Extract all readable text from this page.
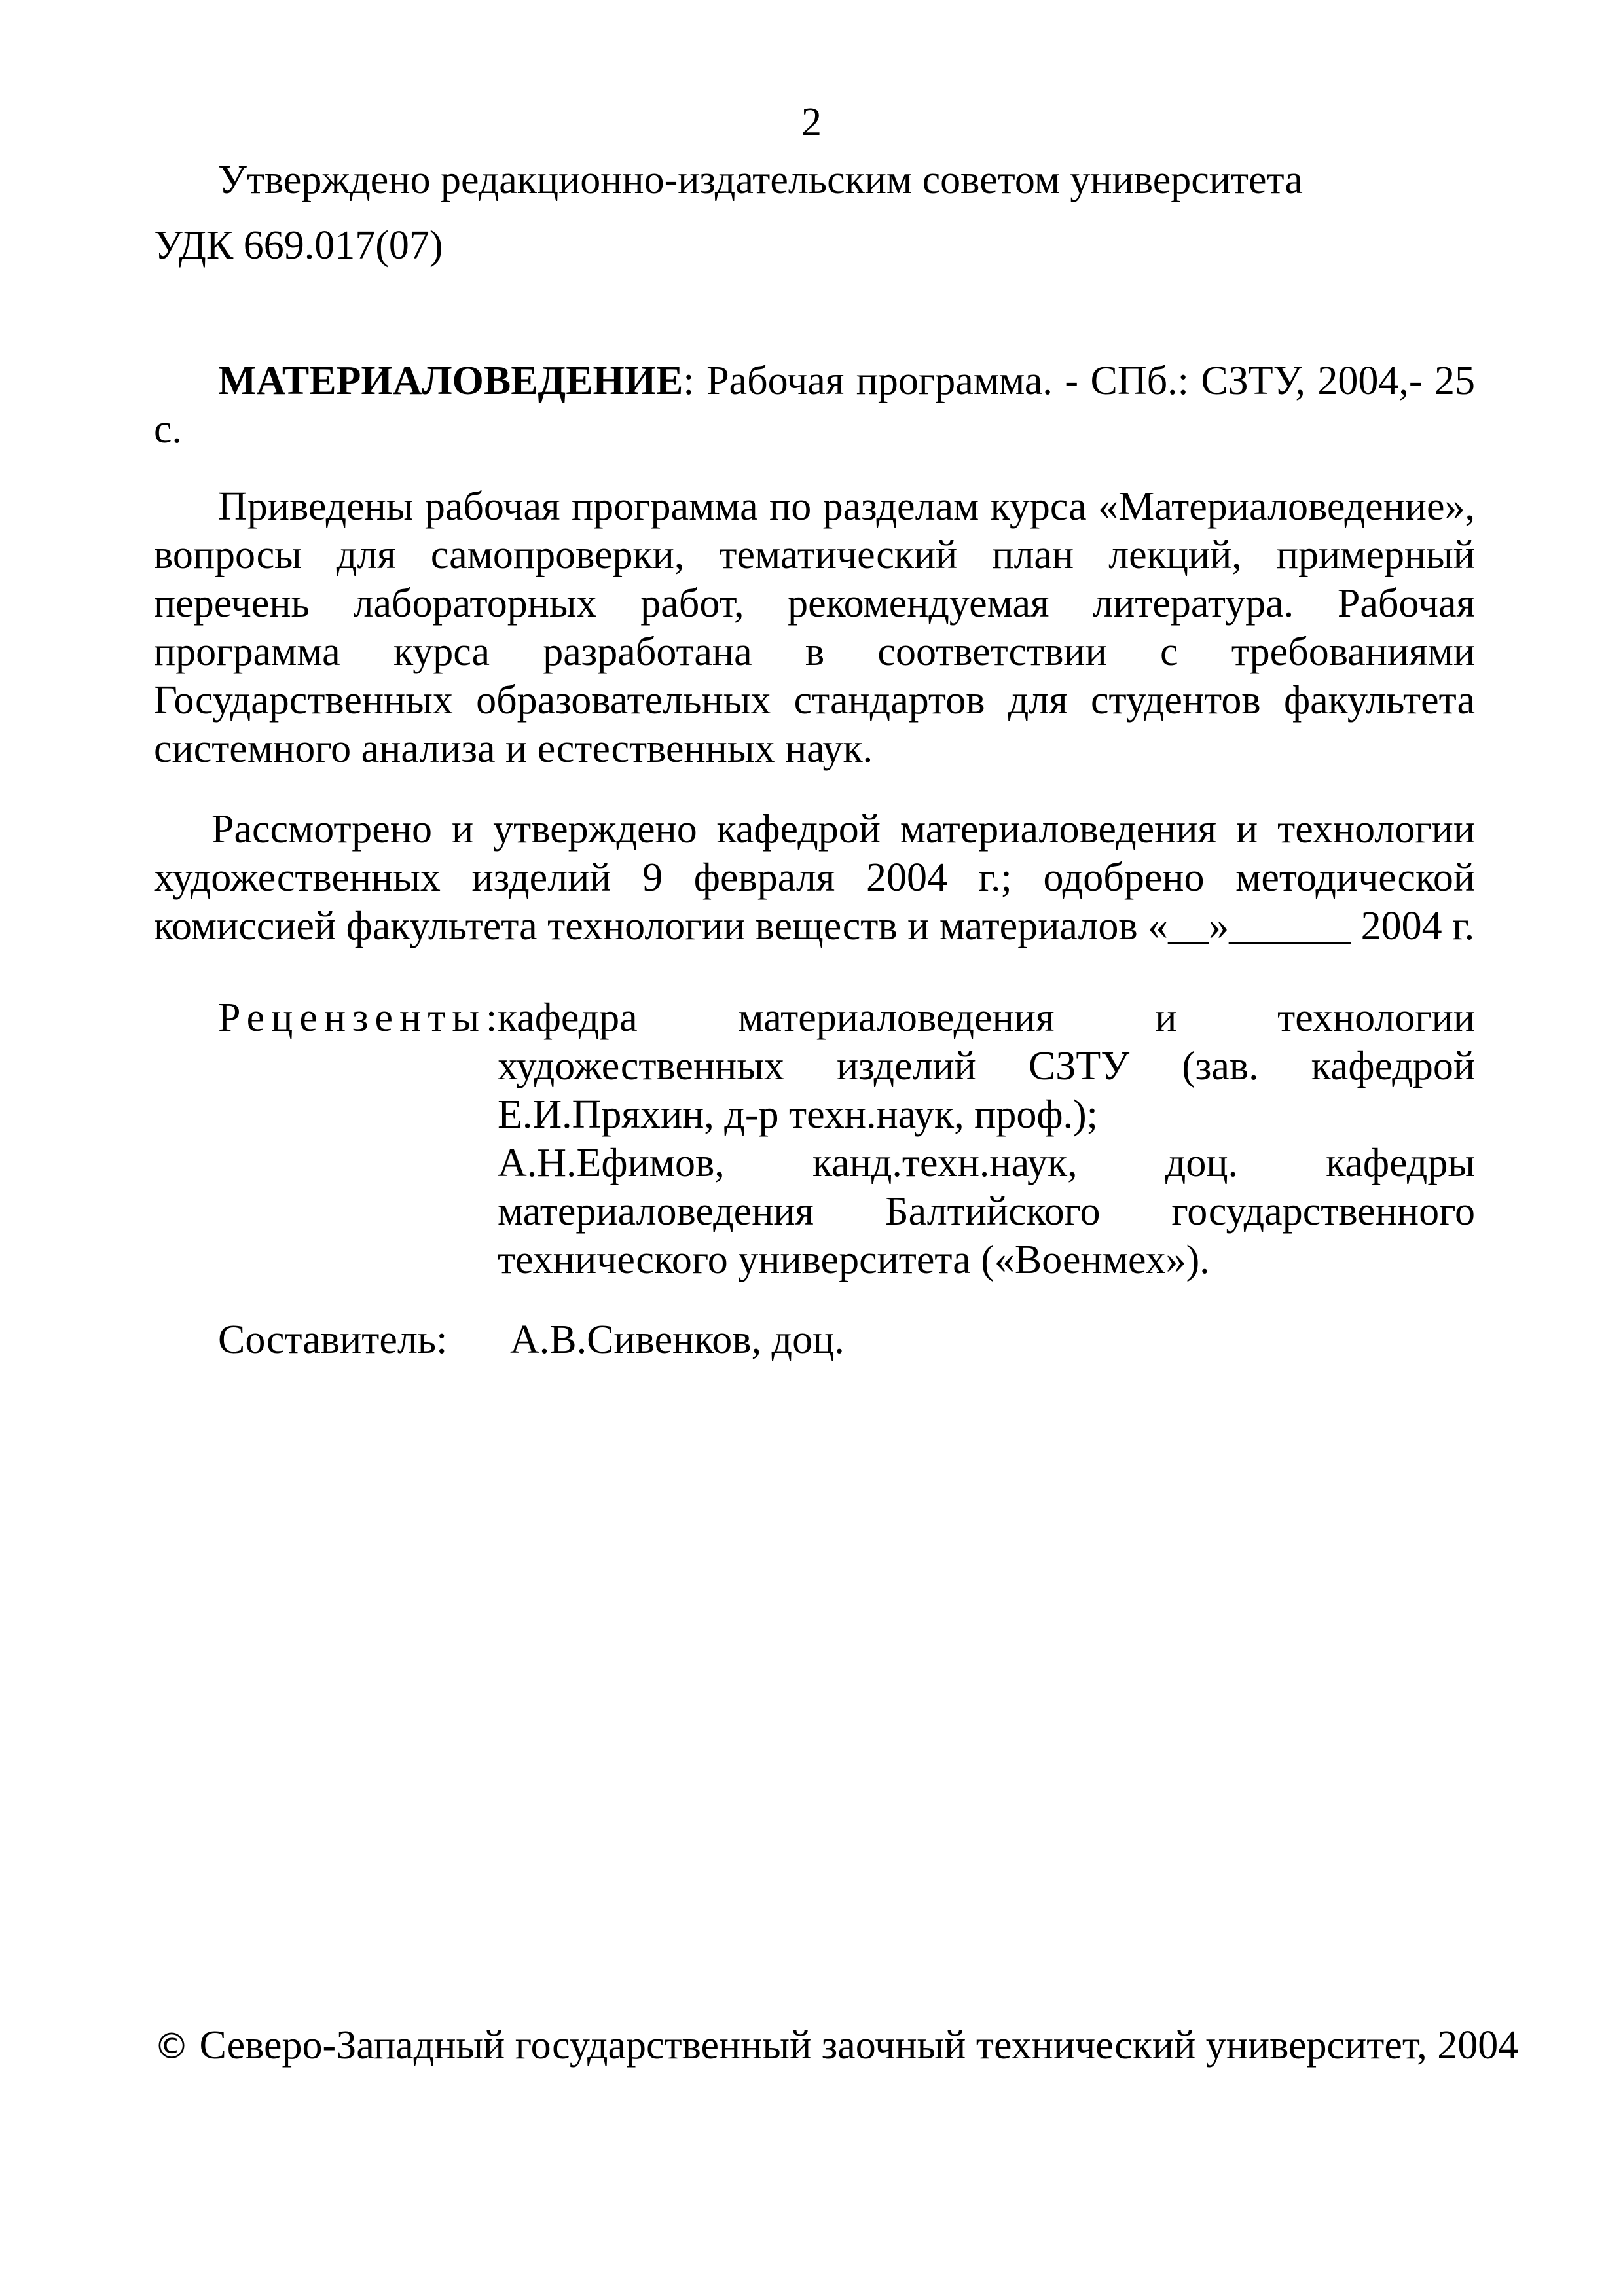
2
Утверждено редакционно-издательским советом университета
УДК 669.017(07)
МАТЕРИАЛОВЕДЕНИЕ: Рабочая программа. - СПб.: СЗТУ, 2004,- 25 с.
Приведены рабочая программа по разделам курса «Материаловедение», вопросы для самопроверки, тематический план лекций, примерный перечень лабораторных работ, рекомендуемая литература. Рабочая программа курса разработана в соответствии с требованиями Государственных образовательных стандартов для студентов факультета системного анализа и естественных наук.
Рассмотрено и утверждено кафедрой материаловедения и технологии художественных изделий 9 февраля 2004 г.; одобрено методической комиссией факультета технологии веществ и материалов «__»______ 2004 г.
Рецензенты: кафедра материаловедения и технологии художественных изделий СЗТУ (зав. кафедрой Е.И.Пряхин, д-р техн.наук, проф.);
А.Н.Ефимов, канд.техн.наук, доц. кафедры материаловедения Балтийского государственного технического университета («Военмех»).
Составитель: А.В.Сивенков, доц.
© Северо-Западный государственный заочный технический университет, 2004
